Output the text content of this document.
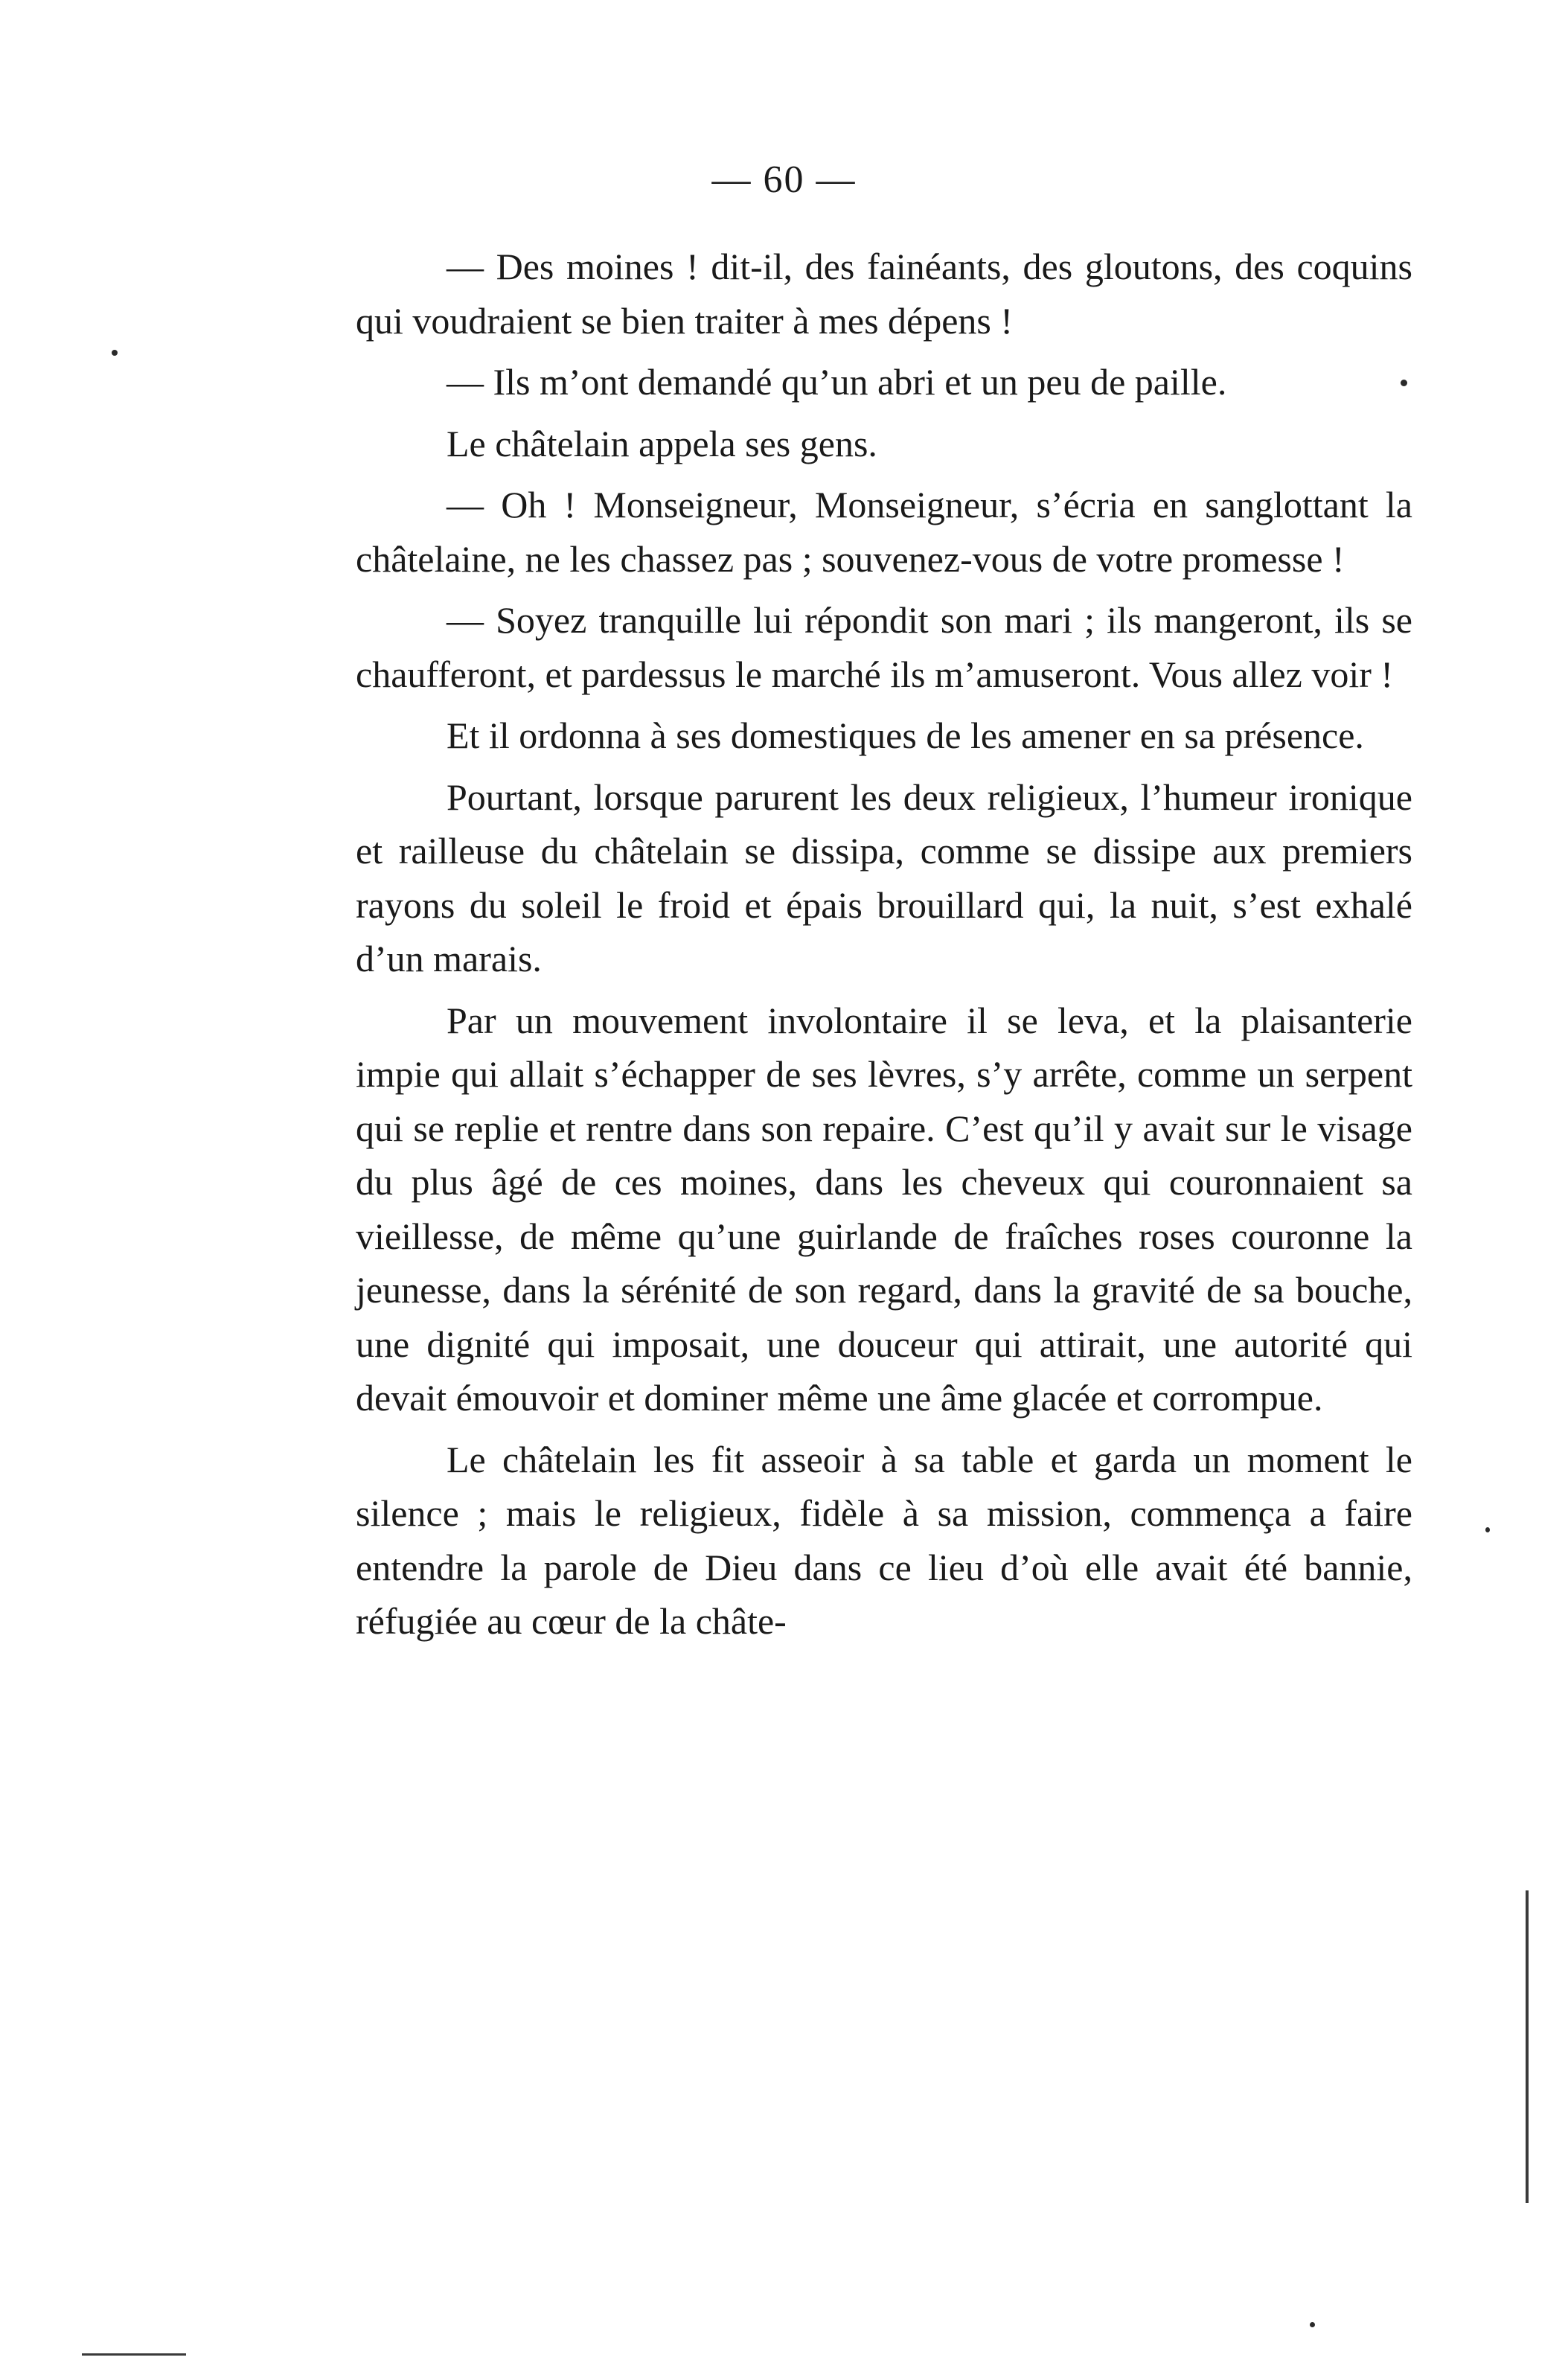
— 60 —

— Des moines ! dit-il, des fainéants, des gloutons, des coquins qui voudraient se bien traiter à mes dépens !

— Ils m’ont demandé qu’un abri et un peu de paille.

Le châtelain appela ses gens.

— Oh ! Monseigneur, Monseigneur, s’écria en sanglottant la châtelaine, ne les chassez pas ; souvenez-vous de votre promesse !

— Soyez tranquille lui répondit son mari ; ils mangeront, ils se chaufferont, et pardessus le marché ils m’amuseront. Vous allez voir !

Et il ordonna à ses domestiques de les amener en sa présence.

Pourtant, lorsque parurent les deux religieux, l’humeur ironique et railleuse du châtelain se dissipa, comme se dissipe aux premiers rayons du soleil le froid et épais brouillard qui, la nuit, s’est exhalé d’un marais.

Par un mouvement involontaire il se leva, et la plaisanterie impie qui allait s’échapper de ses lèvres, s’y arrête, comme un serpent qui se replie et rentre dans son repaire. C’est qu’il y avait sur le visage du plus âgé de ces moines, dans les cheveux qui couronnaient sa vieillesse, de même qu’une guirlande de fraîches roses couronne la jeunesse, dans la sérénité de son regard, dans la gravité de sa bouche, une dignité qui imposait, une douceur qui attirait, une autorité qui devait émouvoir et dominer même une âme glacée et corrompue.

Le châtelain les fit asseoir à sa table et garda un moment le silence ; mais le religieux, fidèle à sa mission, commença a faire entendre la parole de Dieu dans ce lieu d’où elle avait été bannie, réfugiée au cœur de la châte-
